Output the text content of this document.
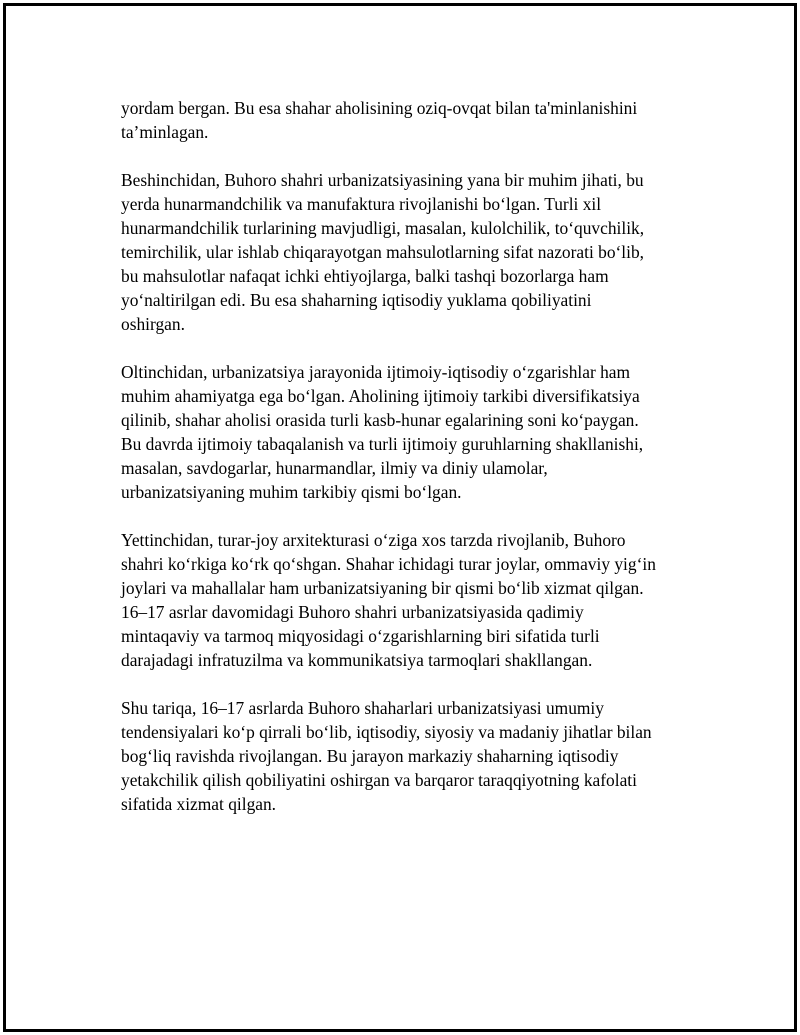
yordam bergan. Bu esa shahar aholisining oziq-ovqat bilan ta'minlanishini
ta’minlagan.

Beshinchidan, Buhoro shahri urbanizatsiyasining yana bir muhim jihati, bu
yerda hunarmandchilik va manufaktura rivojlanishi bo‘lgan. Turli xil
hunarmandchilik turlarining mavjudligi, masalan, kulolchilik, to‘quvchilik,
temirchilik, ular ishlab chiqarayotgan mahsulotlarning sifat nazorati bo‘lib,
bu mahsulotlar nafaqat ichki ehtiyojlarga, balki tashqi bozorlarga ham
yo‘naltirilgan edi. Bu esa shaharning iqtisodiy yuklama qobiliyatini
oshirgan.

Oltinchidan, urbanizatsiya jarayonida ijtimoiy-iqtisodiy o‘zgarishlar ham
muhim ahamiyatga ega bo‘lgan. Aholining ijtimoiy tarkibi diversifikatsiya
qilinib, shahar aholisi orasida turli kasb-hunar egalarining soni ko‘paygan.
Bu davrda ijtimoiy tabaqalanish va turli ijtimoiy guruhlarning shakllanishi,
masalan, savdogarlar, hunarmandlar, ilmiy va diniy ulamolar,
urbanizatsiyaning muhim tarkibiy qismi bo‘lgan.

Yettinchidan, turar-joy arxitekturasi o‘ziga xos tarzda rivojlanib, Buhoro
shahri ko‘rkiga ko‘rk qo‘shgan. Shahar ichidagi turar joylar, ommaviy yig‘in
joylari va mahallalar ham urbanizatsiyaning bir qismi bo‘lib xizmat qilgan.
16–17 asrlar davomidagi Buhoro shahri urbanizatsiyasida qadimiy
mintaqaviy va tarmoq miqyosidagi o‘zgarishlarning biri sifatida turli
darajadagi infratuzilma va kommunikatsiya tarmoqlari shakllangan.

Shu tariqa, 16–17 asrlarda Buhoro shaharlari urbanizatsiyasi umumiy
tendensiyalari ko‘p qirrali bo‘lib, iqtisodiy, siyosiy va madaniy jihatlar bilan
bog‘liq ravishda rivojlangan. Bu jarayon markaziy shaharning iqtisodiy
yetakchilik qilish qobiliyatini oshirgan va barqaror taraqqiyotning kafolati
sifatida xizmat qilgan.
